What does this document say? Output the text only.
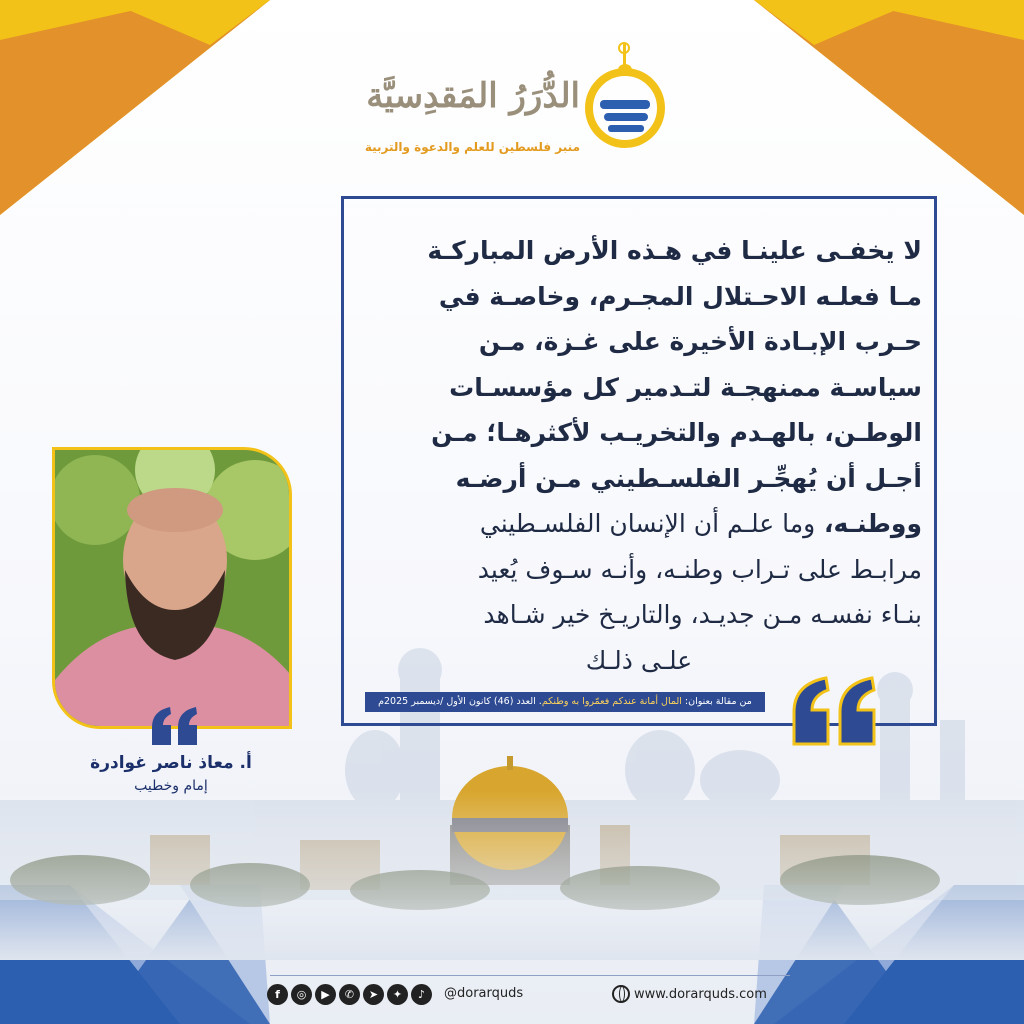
الدُّرَرُ المَقدِسيَّة
منبر فلسطين للعلم والدعوة والتربية
لا يخفـى علينـا في هـذه الأرض المباركـة
مـا فعلـه الاحـتلال المجـرم، وخاصـة في
حـرب الإبـادة الأخيرة على غـزة، مـن
سياسـة ممنهجـة لتـدمير كل مؤسسـات
الوطـن، بالهـدم والتخريـب لأكثرهـا؛ مـن
أجـل أن يُهجِّـر الفلسـطيني مـن أرضـه
ووطنـه، وما علـم أن الإنسان الفلسـطيني
مرابـط على تـراب وطنـه، وأنـه سـوف يُعيد
بنـاء نفسـه مـن جديـد، والتاريـخ خير شـاهد
علـى ذلـك
من مقالة بعنوان: المال أمانة عندكم فعمّروا به وطنكم. العدد (46) كانون الأول /ديسمبر 2025م
أ. معاذ ناصر غوادرة
إمام وخطيب
f	◎	▶	✆	➤	✦	♪	@dorarquds	www.dorarquds.com
